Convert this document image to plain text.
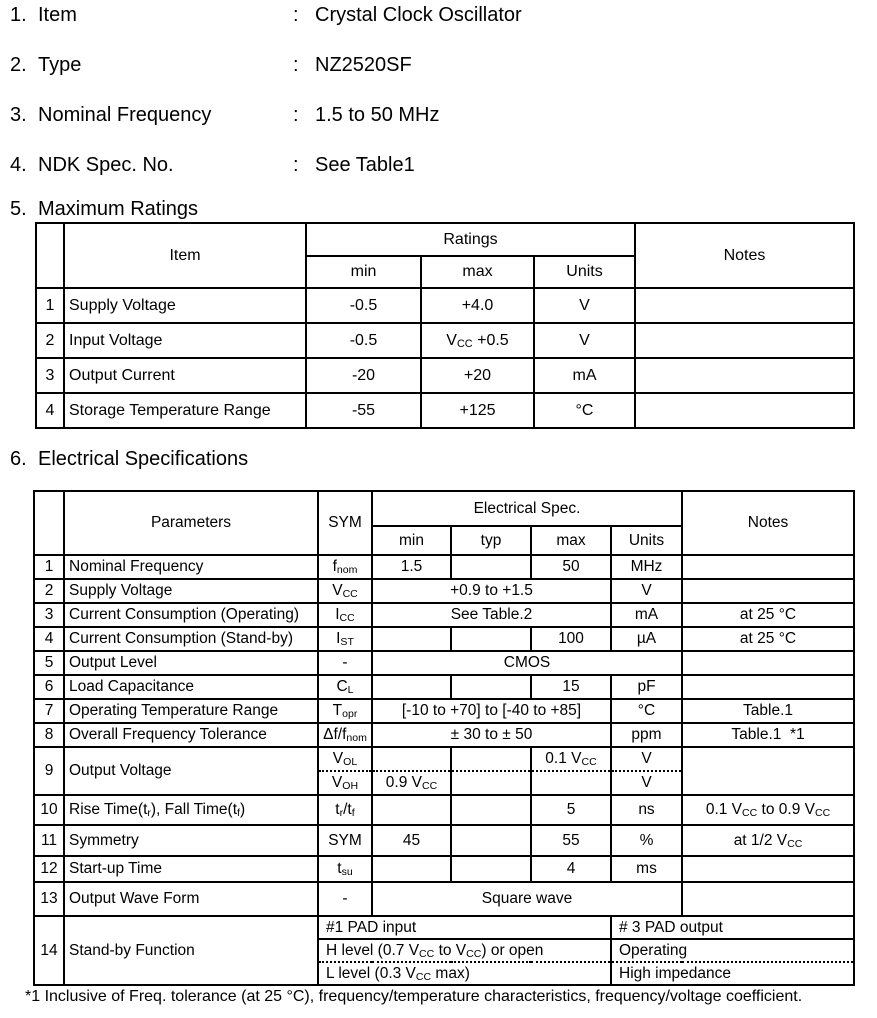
1. Item	: Crystal Clock Oscillator
2. Type	: NZ2520SF
3. Nominal Frequency	: 1.5 to 50 MHz
4. NDK Spec. No.	: See Table1
5. Maximum Ratings
	Item	Ratings			Notes
		min	max	Units	
1	Supply Voltage	-0.5	+4.0	V	
2	Input Voltage	-0.5	$V_{CC} +0.5$	V	
3	Output Current	-20	+20	mA	
4	Storage Temperature Range	-55	+125	°C	
6. Electrical Specifications
	Parameters	SYM	Electrical Spec.				Notes
			min	typ	max	Units	
1	Nominal Frequency	$f_{nom}$	1.5		50	MHz	
2	Supply Voltage	$V_{CC}$	+0.9 to +1.5			V	
3	Current Consumption (Operating)	$I_{CC}$	See Table.2			mA	at 25 °C
4	Current Consumption (Stand-by)	$I_{ST}$			100	µA	at 25 °C
5	Output Level	-	CMOS				
6	Load Capacitance	$C_L$			15	pF	
7	Operating Temperature Range	$T_{opr}$	[-10 to +70] to [-40 to +85]			°C	Table.1
8	Overall Frequency Tolerance	$\Delta f/f_{nom}$	± 30 to ± 50			ppm	Table.1  *1
9	Output Voltage	$V_{OL}$			0.1 $V_{CC}$	V	
		$V_{OH}$	0.9 $V_{CC}$			V	
10	Rise $Time(t_r)$, Fall $Time(t_f)$	$t_r/t_f$			5	ns	0.1 $V_{CC}$ to 0.9 $V_{CC}$
11	Symmetry	SYM	45		55	%	at 1/2 $V_{CC}$
12	Start-up Time	$t_{su}$			4	ms	
13	Output Wave Form	-	Square wave				
14	Stand-by Function	#1 PAD input				# 3 PAD output	
		H level (0.7 $V_{CC}$ to $V_{CC}$) or open				Operating	
		L level (0.3 $V_{CC}$ max)				High impedance	
*1 Inclusive of Freq. tolerance (at 25 °C), frequency/temperature characteristics, frequency/voltage coefficient.
